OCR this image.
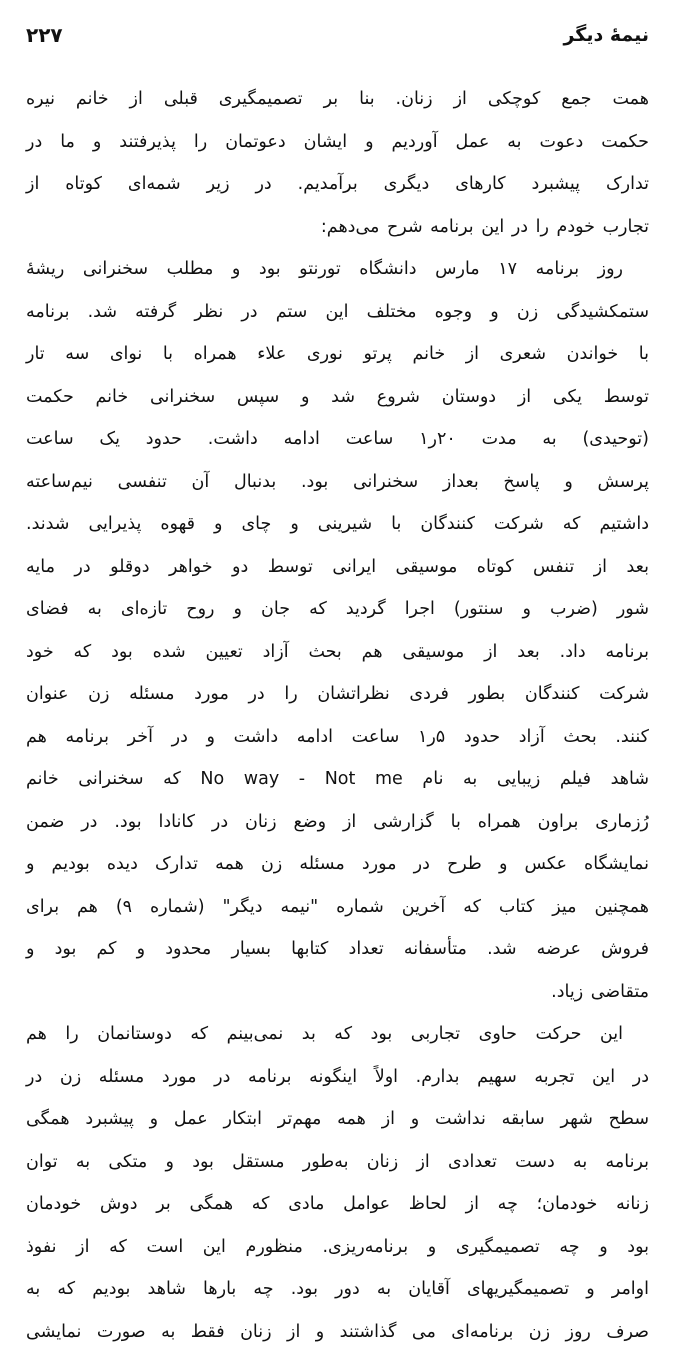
۲۲۷	نیمهٔ دیگر
همت جمع کوچکی از زنان. بنا بر تصمیمگیری قبلی از خانم نیره
حکمت دعوت به عمل آوردیم و ایشان دعوتمان را پذیرفتند و ما در
تدارک پیشبرد کارهای دیگری برآمدیم. در زیر شمه‌ای کوتاه از
تجارب خودم را در این برنامه شرح می‌دهم:
روز برنامه ۱۷ مارس دانشگاه تورنتو بود و مطلب سخنرانی ریشهٔ
ستمکشیدگی زن و وجوه مختلف این ستم در نظر گرفته شد. برنامه
با خواندن شعری از خانم پرتو نوری علاء همراه با نوای سه تار
توسط یکی از دوستان شروع شد و سپس سخنرانی خانم حکمت
(توحیدی) به مدت ۲۰ر۱ ساعت ادامه داشت. حدود یک ساعت
پرسش و پاسخ بعداز سخنرانی بود. بدنبال آن تنفسی نیم‌ساعته
داشتیم که شرکت کنندگان با شیرینی و چای و قهوه پذیرایی شدند.
بعد از تنفس کوتاه موسیقی ایرانی توسط دو خواهر دوقلو در مایه
شور (ضرب و سنتور) اجرا گردید که جان و روح تازه‌ای به فضای
برنامه داد. بعد از موسیقی هم بحث آزاد تعیین شده بود که خود
شرکت کنندگان بطور فردی نظراتشان را در مورد مسئله زن عنوان
کنند. بحث آزاد حدود ۵ر۱ ساعت ادامه داشت و در آخر برنامه هم
شاهد فیلم زیبایی به نام No way - Not me که سخنرانی خانم
رُزماری براون همراه با گزارشی از وضع زنان در کانادا بود. در ضمن
نمایشگاه عکس و طرح در مورد مسئله زن همه تدارک دیده بودیم و
همچنین میز کتاب که آخرین شماره "نیمه دیگر" (شماره ۹) هم برای
فروش عرضه شد. متأسفانه تعداد کتابها بسیار محدود و کم بود و
متقاضی زیاد.
این حرکت حاوی تجاربی بود که بد نمی‌بینم که دوستانمان را هم
در این تجربه سهیم بدارم. اولاً اینگونه برنامه در مورد مسئله زن در
سطح شهر سابقه نداشت و از همه مهم‌تر ابتکار عمل و پیشبرد همگی
برنامه به دست تعدادی از زنان به‌طور مستقل بود و متکی به توان
زنانه خودمان؛ چه از لحاظ عوامل مادی که همگی بر دوش خودمان
بود و چه تصمیمگیری و برنامه‌ریزی. منظورم این است که از نفوذ
اوامر و تصمیمگیریهای آقایان به دور بود. چه بارها شاهد بودیم که به
صرف روز زن برنامه‌ای می گذاشتند و از زنان فقط به صورت نمایشی
